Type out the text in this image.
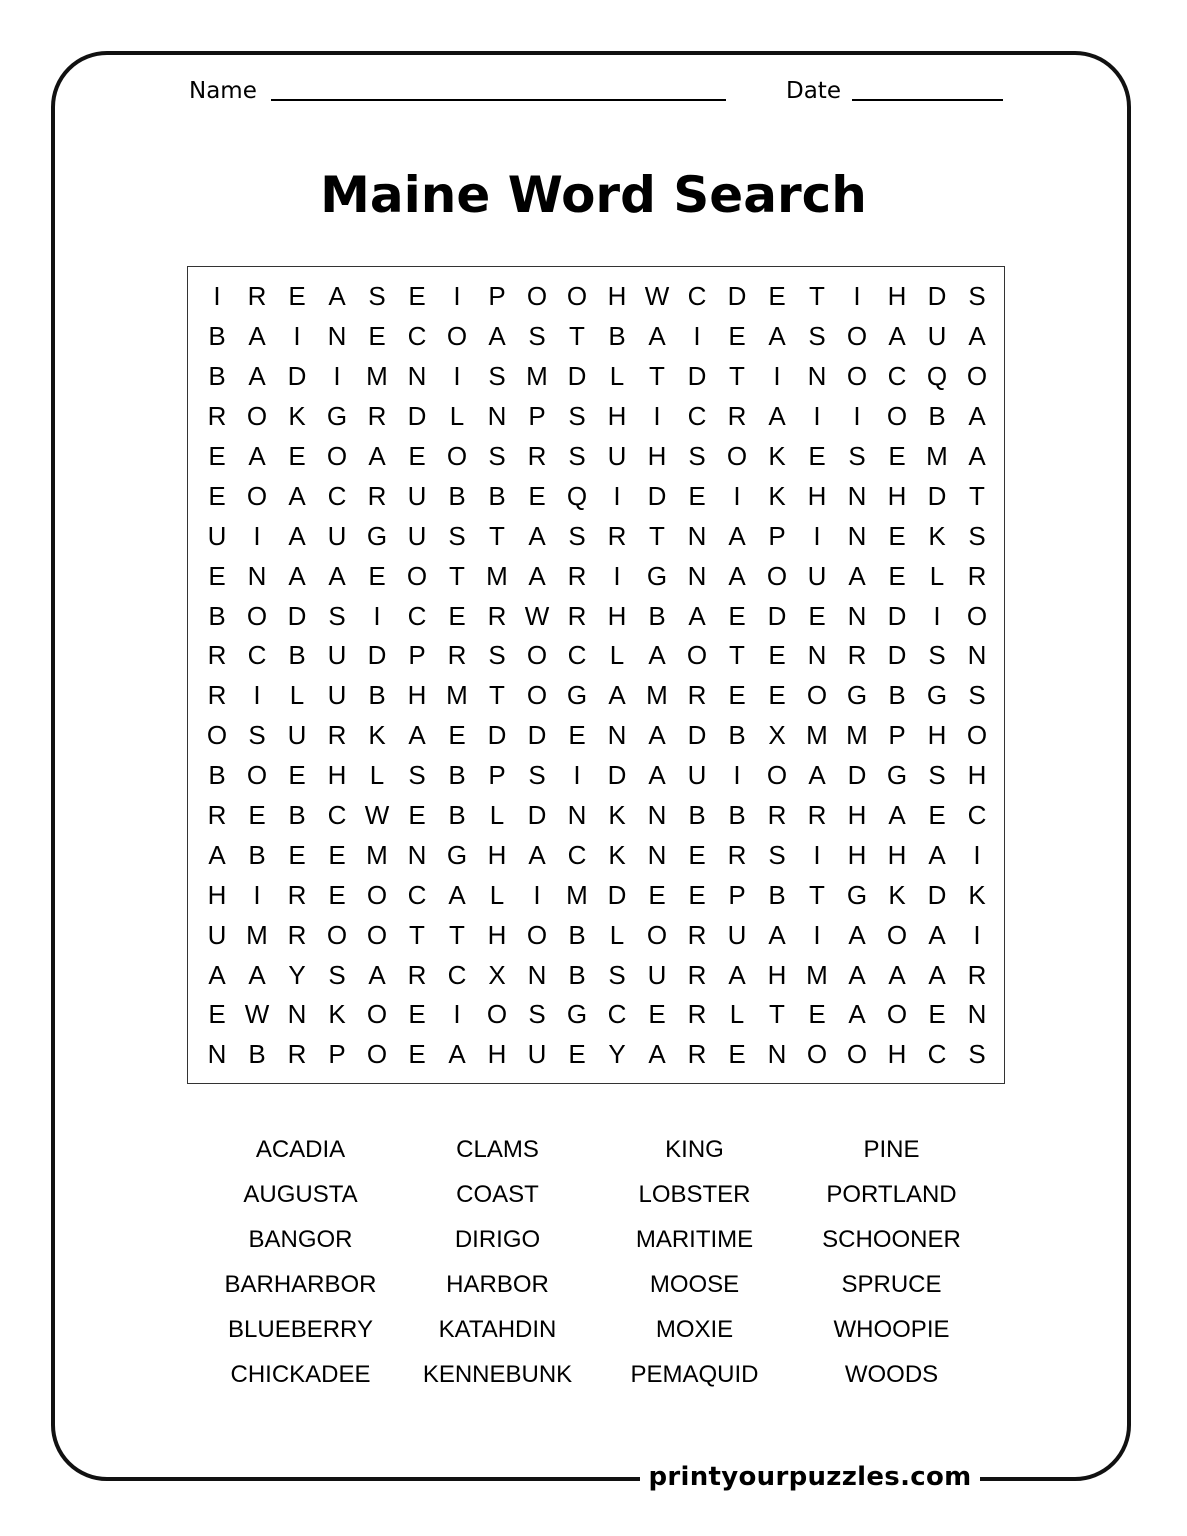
printyourpuzzles.com
Name	Date
Maine Word Search
I	R E A S E	I	P O O H W C D E T	I	H D S
B A	I	N E C O A S T B A	I	E A S O A U A
B A D	I M N	I	S M D L T D T	I	N O C Q O
R O K G R D L N P S H	I	C R A	I	I	O B A
E A E O A E O S R S U H S O K E S E M A
E O A C R U B B E Q	I	D E	I	K H N H D T
U	I	A U G U S T A S R T N A P	I	N E K S
E N A A E O T M A R	I	G N A O U A E L R
B O D S	I	C E R W R H B A E D E N D	I	O
R C B U D P R S O C L A O T E N R D S N
R	I	L U B H M T O G A M R E E O G B G S
O S U R K A E D D E N A D B X M M P H O
B O E H L S B P S	I	D A U	I	O A D G S H
R E B C W E B L D N K N B B R R H A E C
A B E E M N G H A C K N E R S	I	H H A	I
H	I	R E O C A L	I M D E E P B T G K D K
U M R O O T T H O B L O R U A	I	A O A	I
A A Y S A R C X N B S U R A H M A A A R
E W N K O E	I	O S G C E R L T E A O E N
N B R P O E A H U E Y A R E N O O H C S
ACADIA	CLAMS	KING	PINE
AUGUSTA	COAST	LOBSTER	PORTLAND
BANGOR	DIRIGO	MARITIME	SCHOONER
BARHARBOR	HARBOR	MOOSE	SPRUCE
BLUEBERRY	KATAHDIN	MOXIE	WHOOPIE
CHICKADEE	KENNEBUNK	PEMAQUID	WOODS
